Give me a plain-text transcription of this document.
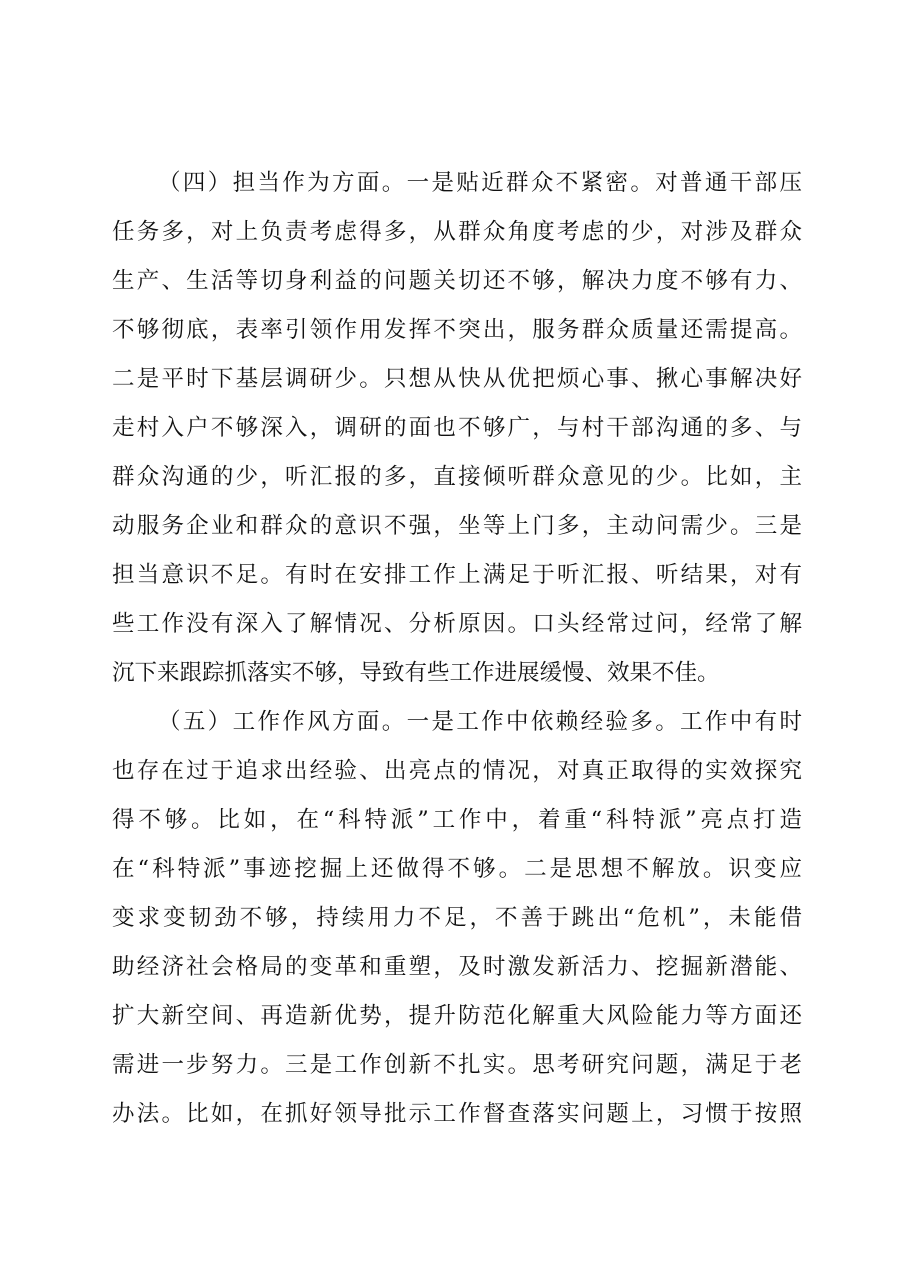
（四）担当作为方面。一是贴近群众不紧密。对普通干部压
任务多，对上负责考虑得多，从群众角度考虑的少，对涉及群众
生产、生活等切身利益的问题关切还不够，解决力度不够有力、
不够彻底，表率引领作用发挥不突出，服务群众质量还需提高。
二是平时下基层调研少。只想从快从优把烦心事、揪心事解决好
走村入户不够深入，调研的面也不够广，与村干部沟通的多、与
群众沟通的少，听汇报的多，直接倾听群众意见的少。比如，主
动服务企业和群众的意识不强，坐等上门多，主动问需少。三是
担当意识不足。有时在安排工作上满足于听汇报、听结果，对有
些工作没有深入了解情况、分析原因。口头经常过问，经常了解
沉下来跟踪抓落实不够，导致有些工作进展缓慢、效果不佳。
（五）工作作风方面。一是工作中依赖经验多。工作中有时
也存在过于追求出经验、出亮点的情况，对真正取得的实效探究
得不够。比如，在“科特派”工作中，着重“科特派”亮点打造
在“科特派”事迹挖掘上还做得不够。二是思想不解放。识变应
变求变韧劲不够，持续用力不足，不善于跳出“危机”，未能借
助经济社会格局的变革和重塑，及时激发新活力、挖掘新潜能、
扩大新空间、再造新优势，提升防范化解重大风险能力等方面还
需进一步努力。三是工作创新不扎实。思考研究问题，满足于老
办法。比如，在抓好领导批示工作督查落实问题上，习惯于按照
